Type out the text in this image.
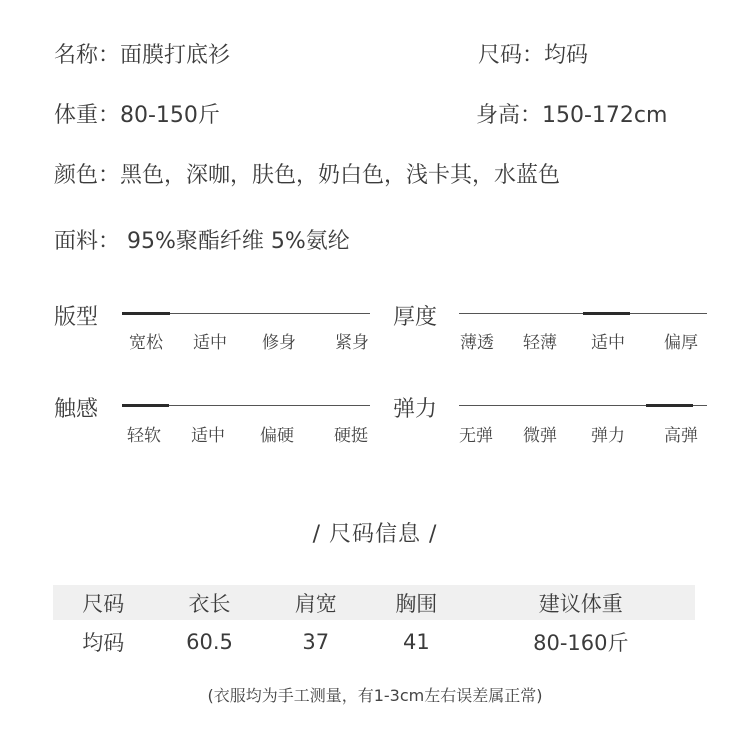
名称：面膜打底衫	尺码：均码
体重：80-150斤	身高：150-172cm
颜色：黑色，深咖，肤色，奶白色，浅卡其，水蓝色
面料： 95%聚酯纤维 5%氨纶
版型
宽松 适中 修身 紧身
厚度
薄透 轻薄 适中 偏厚
触感
轻软 适中 偏硬 硬挺
弹力
无弹 微弹 弹力 高弹
/ 尺码信息 /
尺码	衣长	肩宽	胸围	建议体重
均码	60.5	37	41	80-160斤
(衣服均为手工测量，有1-3cm左右误差属正常)
